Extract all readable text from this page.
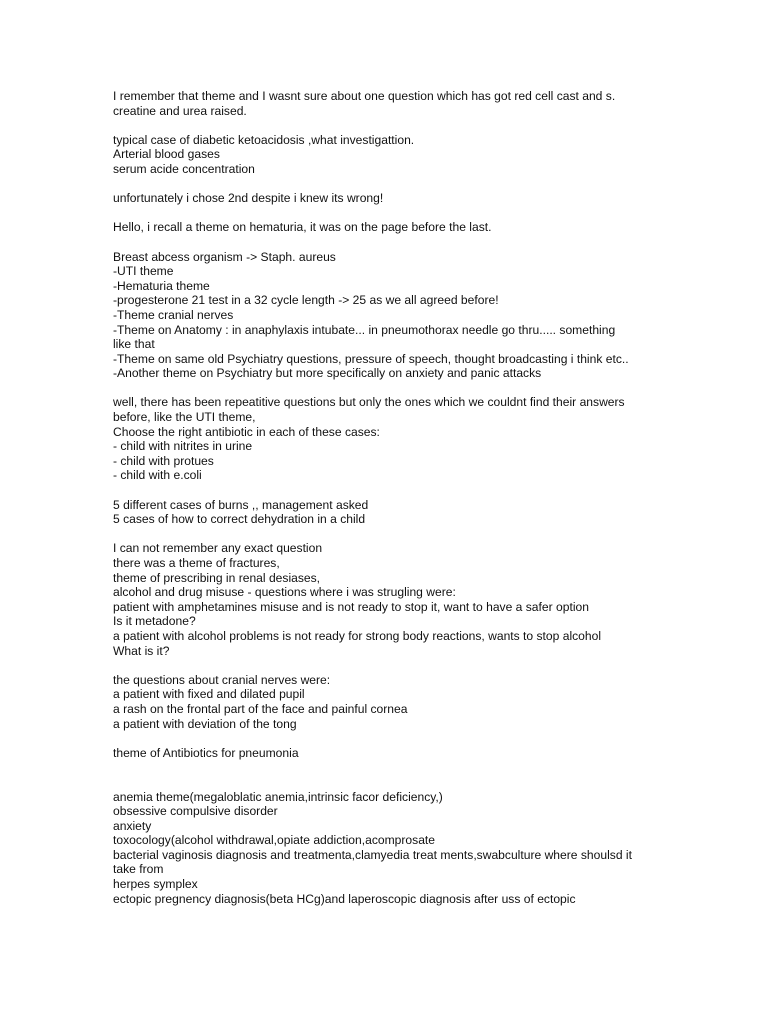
I remember that theme and I wasnt sure about one question which has got red cell cast and s.
creatine and urea raised.
typical case of diabetic ketoacidosis ,what investigattion.
Arterial blood gases
serum acide concentration
unfortunately i chose 2nd despite i knew its wrong!
Hello, i recall a theme on hematuria, it was on the page before the last.
Breast abcess organism -> Staph. aureus
-UTI theme
-Hematuria theme
-progesterone 21 test in a 32 cycle length -> 25 as we all agreed before!
-Theme cranial nerves
-Theme on Anatomy : in anaphylaxis intubate... in pneumothorax needle go thru..... something
like that
-Theme on same old Psychiatry questions, pressure of speech, thought broadcasting i think etc..
-Another theme on Psychiatry but more specifically on anxiety and panic attacks
well, there has been repeatitive questions but only the ones which we couldnt find their answers
before, like the UTI theme,
Choose the right antibiotic in each of these cases:
- child with nitrites in urine
- child with protues
- child with e.coli
5 different cases of burns ,, management asked
5 cases of how to correct dehydration in a child
I can not remember any exact question
there was a theme of fractures,
theme of prescribing in renal desiases,
alcohol and drug misuse - questions where i was strugling were:
patient with amphetamines misuse and is not ready to stop it, want to have a safer option
Is it metadone?
a patient with alcohol problems is not ready for strong body reactions, wants to stop alcohol
What is it?
the questions about cranial nerves were:
a patient with fixed and dilated pupil
a rash on the frontal part of the face and painful cornea
a patient with deviation of the tong
theme of Antibiotics for pneumonia
anemia theme(megaloblatic anemia,intrinsic facor deficiency,)
obsessive compulsive disorder
anxiety
toxocology(alcohol withdrawal,opiate addiction,acomprosate
bacterial vaginosis diagnosis and treatmenta,clamyedia treat ments,swabculture where shoulsd it
take from
herpes symplex
ectopic pregnency diagnosis(beta HCg)and laperoscopic diagnosis after uss of ectopic
